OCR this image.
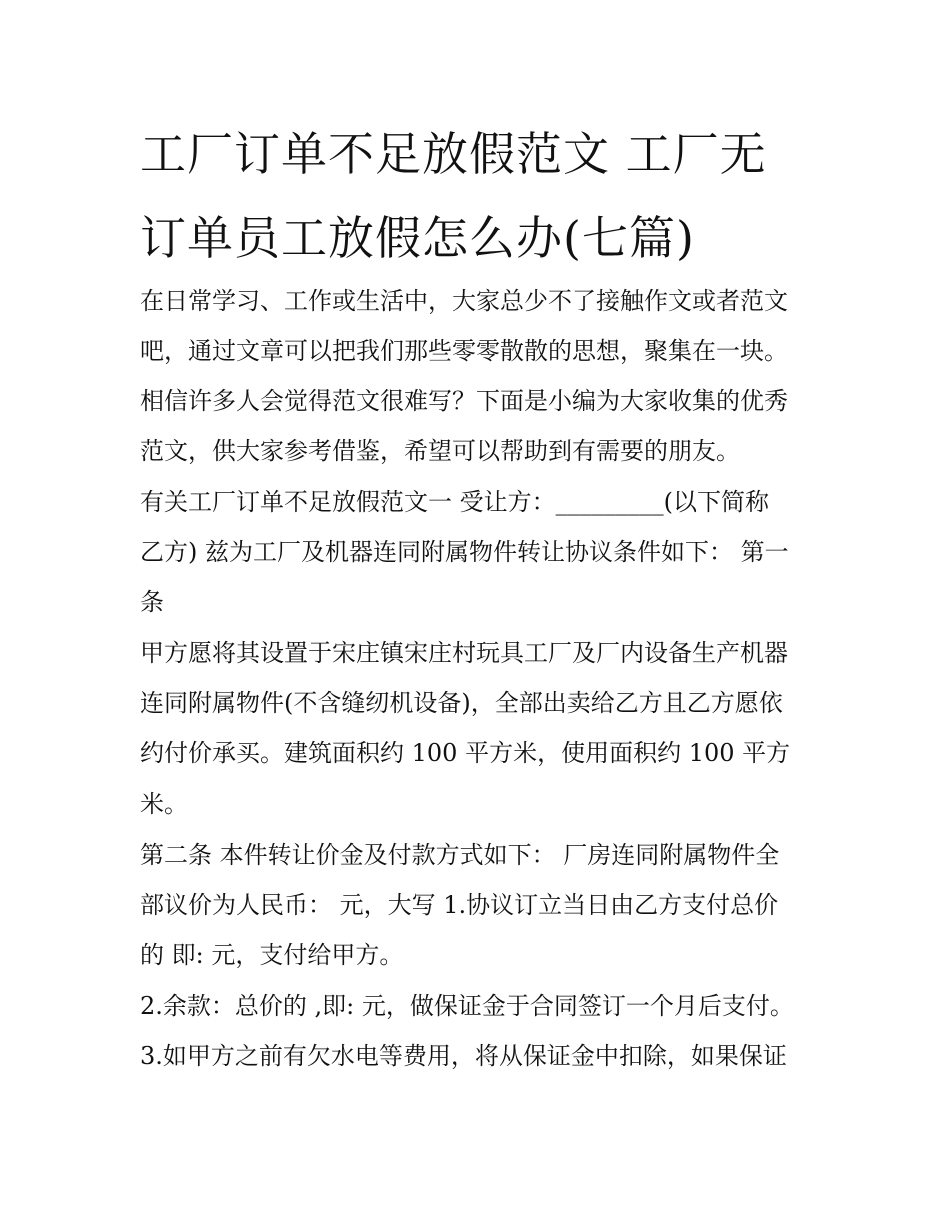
工厂订单不足放假范文 工厂无
订单员工放假怎么办(七篇)

在日常学习、工作或生活中，大家总少不了接触作文或者范文

吧，通过文章可以把我们那些零零散散的思想，聚集在一块。

相信许多人会觉得范文很难写？下面是小编为大家收集的优秀

范文，供大家参考借鉴，希望可以帮助到有需要的朋友。

有关工厂订单不足放假范文一 受让方：_________(以下简称

乙方) 兹为工厂及机器连同附属物件转让协议条件如下： 第一

条

甲方愿将其设置于宋庄镇宋庄村玩具工厂及厂内设备生产机器

连同附属物件(不含缝纫机设备)，全部出卖给乙方且乙方愿依

约付价承买。建筑面积约 100 平方米，使用面积约 100 平方

米。

第二条 本件转让价金及付款方式如下： 厂房连同附属物件全

部议价为人民币： 元，大写 1.协议订立当日由乙方支付总价

的 即: 元，支付给甲方。

2.余款：总价的 ,即: 元，做保证金于合同签订一个月后支付。

3.如甲方之前有欠水电等费用，将从保证金中扣除，如果保证
